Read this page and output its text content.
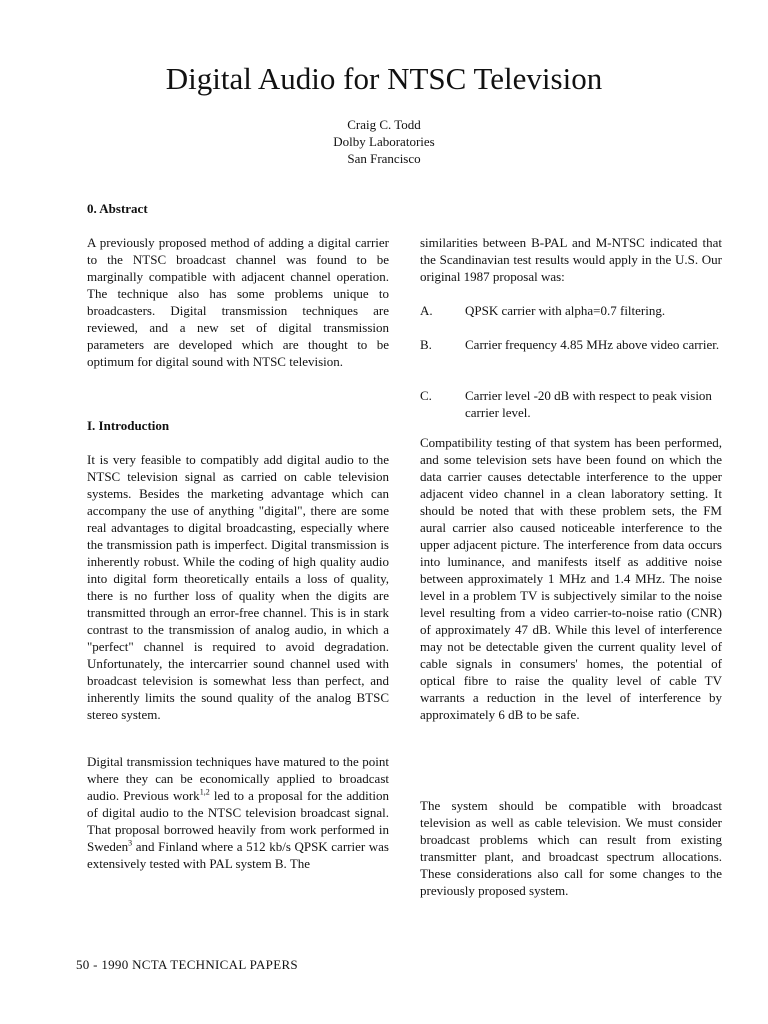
Digital Audio for NTSC Television
Craig C. Todd
Dolby Laboratories
San Francisco
0. Abstract

A previously proposed method of adding a digital carrier to the NTSC broadcast channel was found to be marginally compatible with adjacent channel operation. The technique also has some problems unique to broadcasters. Digital transmission techniques are reviewed, and a new set of digital transmission parameters are developed which are thought to be optimum for digital sound with NTSC television.

I. Introduction

It is very feasible to compatibly add digital audio to the NTSC television signal as carried on cable television systems. Besides the marketing advantage which can accompany the use of anything "digital", there are some real advantages to digital broadcasting, especially where the transmission path is imperfect. Digital transmission is inherently robust. While the coding of high quality audio into digital form theoretically entails a loss of quality, there is no further loss of quality when the digits are transmitted through an error-free channel. This is in stark contrast to the transmission of analog audio, in which a "perfect" channel is required to avoid degradation. Unfortunately, the intercarrier sound channel used with broadcast television is somewhat less than perfect, and inherently limits the sound quality of the analog BTSC stereo system.

Digital transmission techniques have matured to the point where they can be economically applied to broadcast audio. Previous work$^{1,2}$ led to a proposal for the addition of digital audio to the NTSC television broadcast signal. That proposal borrowed heavily from work performed in Sweden$^3$ and Finland where a 512 kb/s QPSK carrier was extensively tested with PAL system B. The

similarities between B-PAL and M-NTSC indicated that the Scandinavian test results would apply in the U.S. Our original 1987 proposal was:

A. QPSK carrier with alpha=0.7 filtering.
B.	Carrier frequency 4.85 MHz above video carrier.
C.	Carrier level -20 dB with respect to peak vision carrier level.

Compatibility testing of that system has been performed, and some television sets have been found on which the data carrier causes detectable interference to the upper adjacent video channel in a clean laboratory setting. It should be noted that with these problem sets, the FM aural carrier also caused noticeable interference to the upper adjacent picture. The interference from data occurs into luminance, and manifests itself as additive noise between approximately 1 MHz and 1.4 MHz. The noise level in a problem TV is subjectively similar to the noise level resulting from a video carrier-to-noise ratio (CNR) of approximately 47 dB. While this level of interference may not be detectable given the current quality level of cable signals in consumers' homes, the potential of optical fibre to raise the quality level of cable TV warrants a reduction in the level of interference by approximately 6 dB to be safe.

The system should be compatible with broadcast television as well as cable television. We must consider broadcast problems which can result from existing transmitter plant, and broadcast spectrum allocations. These considerations also call for some changes to the previously proposed system.

50 - 1990 NCTA TECHNICAL PAPERS
